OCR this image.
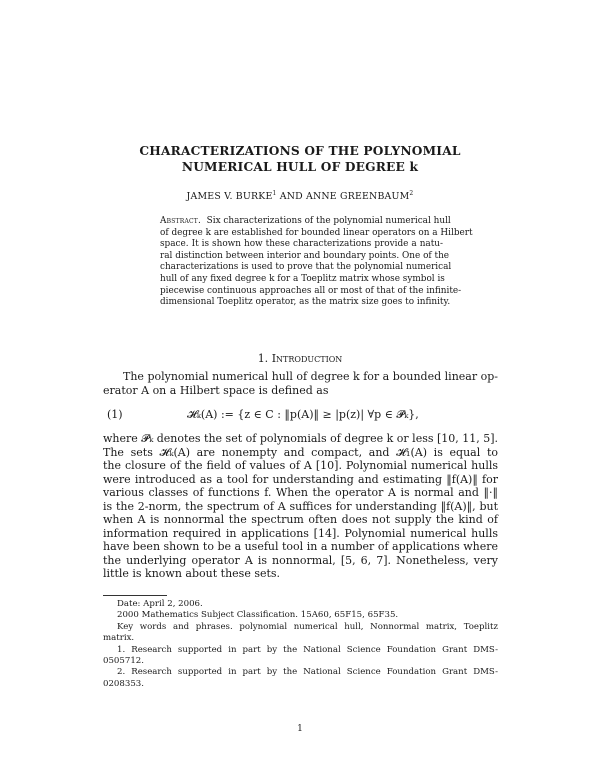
CHARACTERIZATIONS OF THE POLYNOMIAL
NUMERICAL HULL OF DEGREE k
JAMES V. BURKE$^1$ AND ANNE GREENBAUM$^2$
Abstract. Six characterizations of the polynomial numerical hull
of degree k are established for bounded linear operators on a Hilbert
space. It is shown how these characterizations provide a natu-
ral distinction between interior and boundary points. One of the
characterizations is used to prove that the polynomial numerical
hull of any fixed degree k for a Toeplitz matrix whose symbol is
piecewise continuous approaches all or most of that of the infinite-
dimensional Toeplitz operator, as the matrix size goes to infinity.
1. Introduction
The polynomial numerical hull of degree k for a bounded linear op-
erator A on a Hilbert space is defined as
(1)	𝓗ₖ(A) := {z ∈ C : ‖p(A)‖ ≥ |p(z)| ∀p ∈ 𝓟ₖ},
where 𝓟ₖ denotes the set of polynomials of degree k or less [10, 11, 5].
The sets 𝓗ₖ(A) are nonempty and compact, and 𝓗₁(A) is equal to
the closure of the field of values of A [10]. Polynomial numerical hulls
were introduced as a tool for understanding and estimating ‖f(A)‖ for
various classes of functions f. When the operator A is normal and ‖·‖
is the 2-norm, the spectrum of A suffices for understanding ‖f(A)‖, but
when A is nonnormal the spectrum often does not supply the kind of
information required in applications [14]. Polynomial numerical hulls
have been shown to be a useful tool in a number of applications where
the underlying operator A is nonnormal, [5, 6, 7]. Nonetheless, very
little is known about these sets.
Date: April 2, 2006.
2000 Mathematics Subject Classification. 15A60, 65F15, 65F35.
Key words and phrases. polynomial numerical hull, Nonnormal matrix, Toeplitz
matrix.
1. Research supported in part by the National Science Foundation Grant DMS-
0505712.
2. Research supported in part by the National Science Foundation Grant DMS-
0208353.
1
